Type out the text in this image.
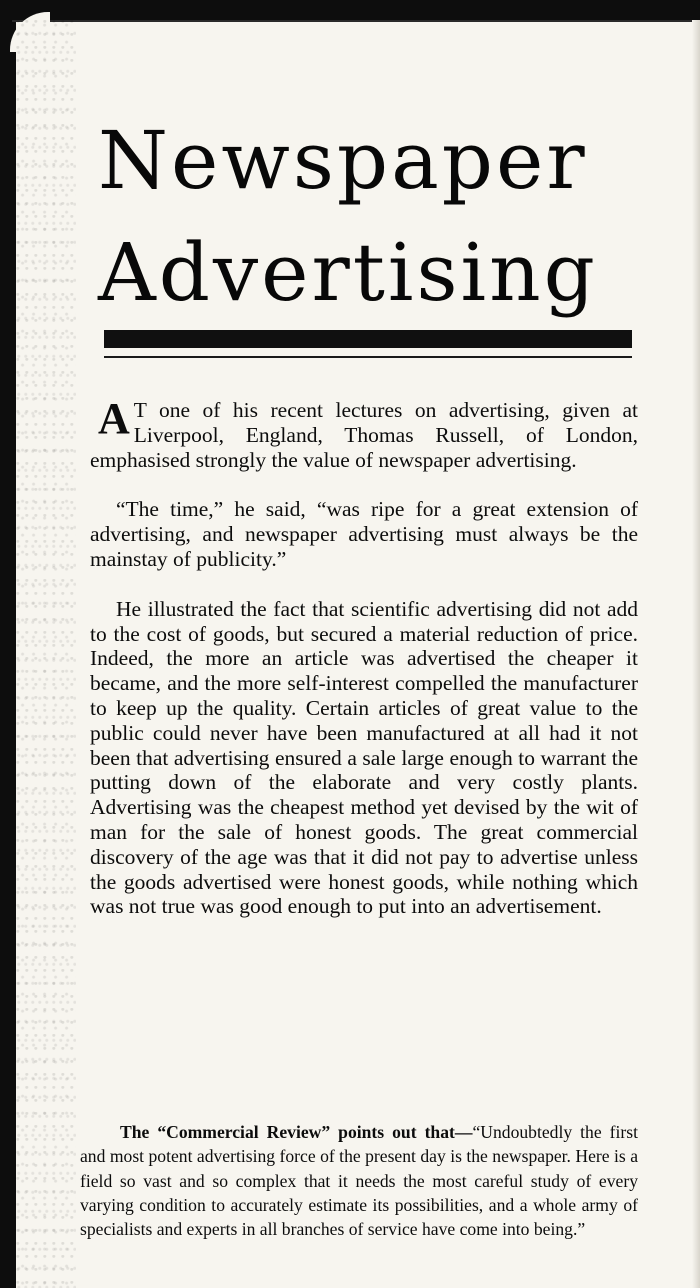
Newspaper
Advertising

A T one of his recent lectures on advertising, given at Liverpool, England, Thomas Russell, of London, emphasised strongly the value of newspaper advertising.

“The time,” he said, “was ripe for a great extension of advertising, and newspaper advertising must always be the mainstay of publicity.”

He illustrated the fact that scientific advertising did not add to the cost of goods, but secured a material reduction of price. Indeed, the more an article was advertised the cheaper it became, and the more self-interest compelled the manufacturer to keep up the quality. Certain articles of great value to the public could never have been manufactured at all had it not been that advertising ensured a sale large enough to warrant the putting down of the elaborate and very costly plants. Advertising was the cheapest method yet devised by the wit of man for the sale of honest goods. The great commercial discovery of the age was that it did not pay to advertise unless the goods advertised were honest goods, while nothing which was not true was good enough to put into an advertisement.

The “Commercial Review” points out that—“Undoubtedly the first and most potent advertising force of the present day is the newspaper. Here is a field so vast and so complex that it needs the most careful study of every varying condition to accurately estimate its possibilities, and a whole army of specialists and experts in all branches of service have come into being.”
